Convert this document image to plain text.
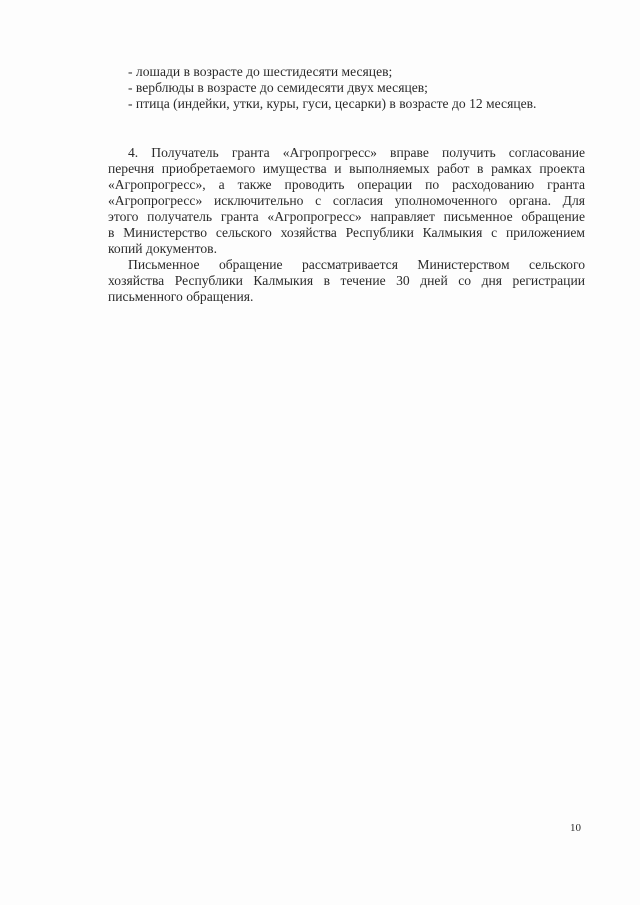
- лошади в возрасте до шестидесяти месяцев;
- верблюды в возрасте до семидесяти двух месяцев;
- птица (индейки, утки, куры, гуси, цесарки) в возрасте до 12 месяцев.
4. Получатель гранта «Агропрогресс» вправе получить согласование
перечня приобретаемого имущества и выполняемых работ в рамках проекта
«Агропрогресс», а также проводить операции по расходованию гранта
«Агропрогресс» исключительно с согласия уполномоченного органа. Для
этого получатель гранта «Агропрогресс» направляет письменное обращение
в Министерство сельского хозяйства Республики Калмыкия с приложением
копий документов.
Письменное обращение рассматривается Министерством сельского
хозяйства Республики Калмыкия в течение 30 дней со дня регистрации
письменного обращения.
10
